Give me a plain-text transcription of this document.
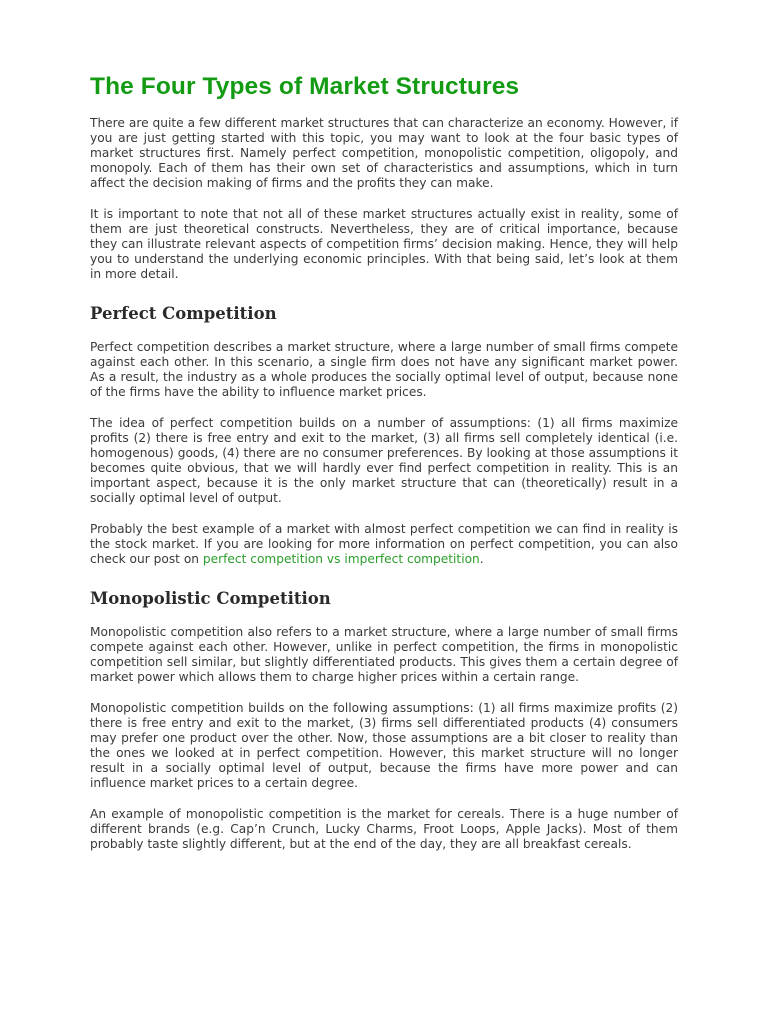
The Four Types of Market Structures

There are quite a few different market structures that can characterize an economy. However, if you are just getting started with this topic, you may want to look at the four basic types of market structures first. Namely perfect competition, monopolistic competition, oligopoly, and monopoly. Each of them has their own set of characteristics and assumptions, which in turn affect the decision making of firms and the profits they can make.

It is important to note that not all of these market structures actually exist in reality, some of them are just theoretical constructs. Nevertheless, they are of critical importance, because they can illustrate relevant aspects of competition firms’ decision making. Hence, they will help you to understand the underlying economic principles. With that being said, let’s look at them in more detail.

Perfect Competition

Perfect competition describes a market structure, where a large number of small firms compete against each other. In this scenario, a single firm does not have any significant market power. As a result, the industry as a whole produces the socially optimal level of output, because none of the firms have the ability to influence market prices.

The idea of perfect competition builds on a number of assumptions: (1) all firms maximize profits (2) there is free entry and exit to the market, (3) all firms sell completely identical (i.e. homogenous) goods, (4) there are no consumer preferences. By looking at those assumptions it becomes quite obvious, that we will hardly ever find perfect competition in reality. This is an important aspect, because it is the only market structure that can (theoretically) result in a socially optimal level of output.

Probably the best example of a market with almost perfect competition we can find in reality is the stock market. If you are looking for more information on perfect competition, you can also check our post on perfect competition vs imperfect competition.

Monopolistic Competition

Monopolistic competition also refers to a market structure, where a large number of small firms compete against each other. However, unlike in perfect competition, the firms in monopolistic competition sell similar, but slightly differentiated products. This gives them a certain degree of market power which allows them to charge higher prices within a certain range.

Monopolistic competition builds on the following assumptions: (1) all firms maximize profits (2) there is free entry and exit to the market, (3) firms sell differentiated products (4) consumers may prefer one product over the other. Now, those assumptions are a bit closer to reality than the ones we looked at in perfect competition. However, this market structure will no longer result in a socially optimal level of output, because the firms have more power and can influence market prices to a certain degree.

An example of monopolistic competition is the market for cereals. There is a huge number of different brands (e.g. Cap’n Crunch, Lucky Charms, Froot Loops, Apple Jacks). Most of them probably taste slightly different, but at the end of the day, they are all breakfast cereals.
